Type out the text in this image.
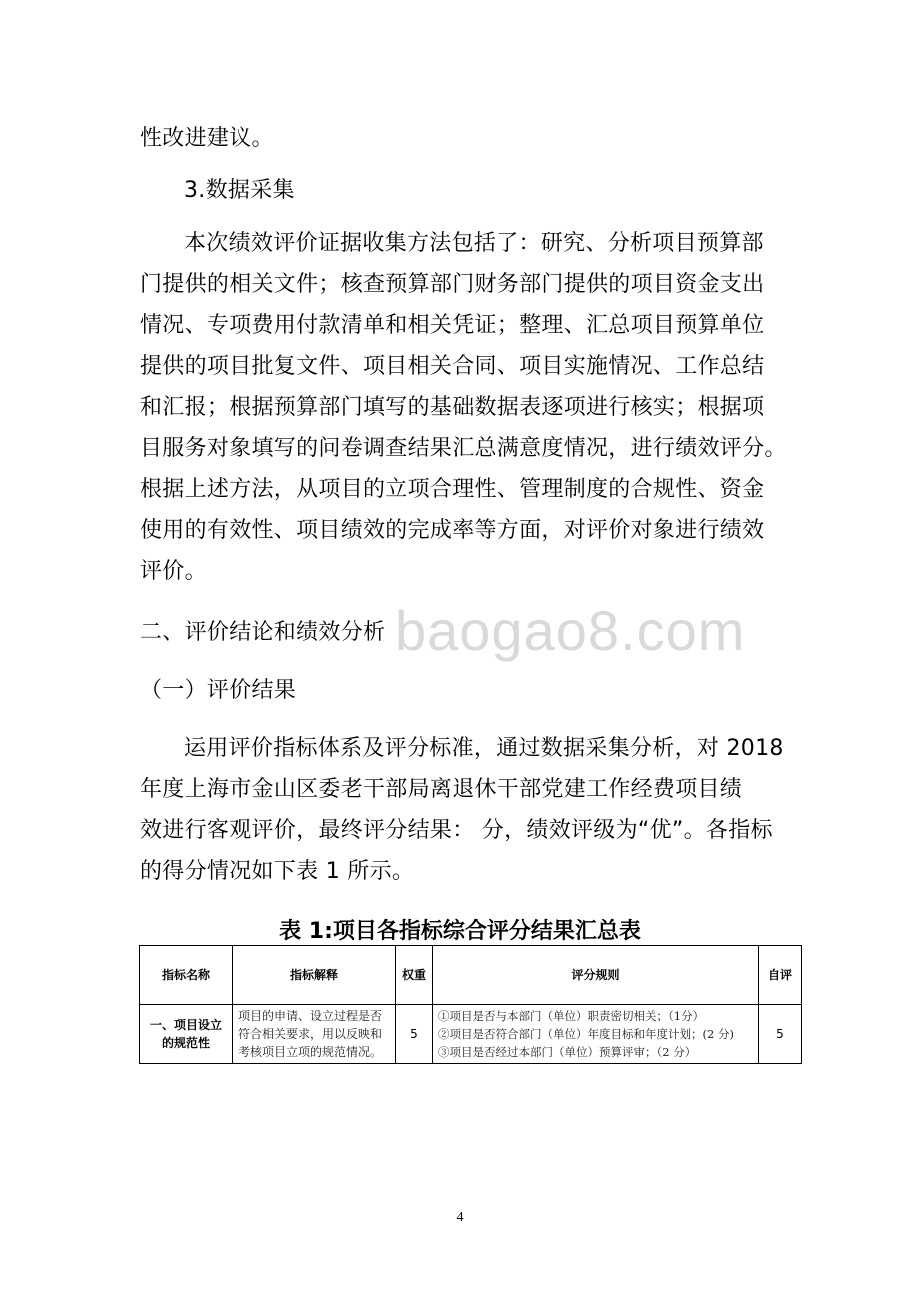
性改进建议。
3.数据采集
本次绩效评价证据收集方法包括了：研究、分析项目预算部
门提供的相关文件；核查预算部门财务部门提供的项目资金支出
情况、专项费用付款清单和相关凭证；整理、汇总项目预算单位
提供的项目批复文件、项目相关合同、项目实施情况、工作总结
和汇报；根据预算部门填写的基础数据表逐项进行核实；根据项
目服务对象填写的问卷调查结果汇总满意度情况，进行绩效评分。
根据上述方法，从项目的立项合理性、管理制度的合规性、资金
使用的有效性、项目绩效的完成率等方面，对评价对象进行绩效
评价。
baogao8.com
二、评价结论和绩效分析
（一）评价结果
运用评价指标体系及评分标准，通过数据采集分析，对 2018
年度上海市金山区委老干部局离退休干部党建工作经费项目绩
效进行客观评价，最终评分结果： 分，绩效评级为“优”。各指标
的得分情况如下表 1 所示。
表 1:项目各指标综合评分结果汇总表
指标名称	指标解释	权重	评分规则	自评
一、项目设立的规范性	项目的申请、设立过程是否符合相关要求，用以反映和考核项目立项的规范情况。	5	①项目是否与本部门（单位）职责密切相关；（1分）
②项目是否符合部门（单位）年度目标和年度计划；(2 分)
③项目是否经过本部门（单位）预算评审；（2 分）	5
4
